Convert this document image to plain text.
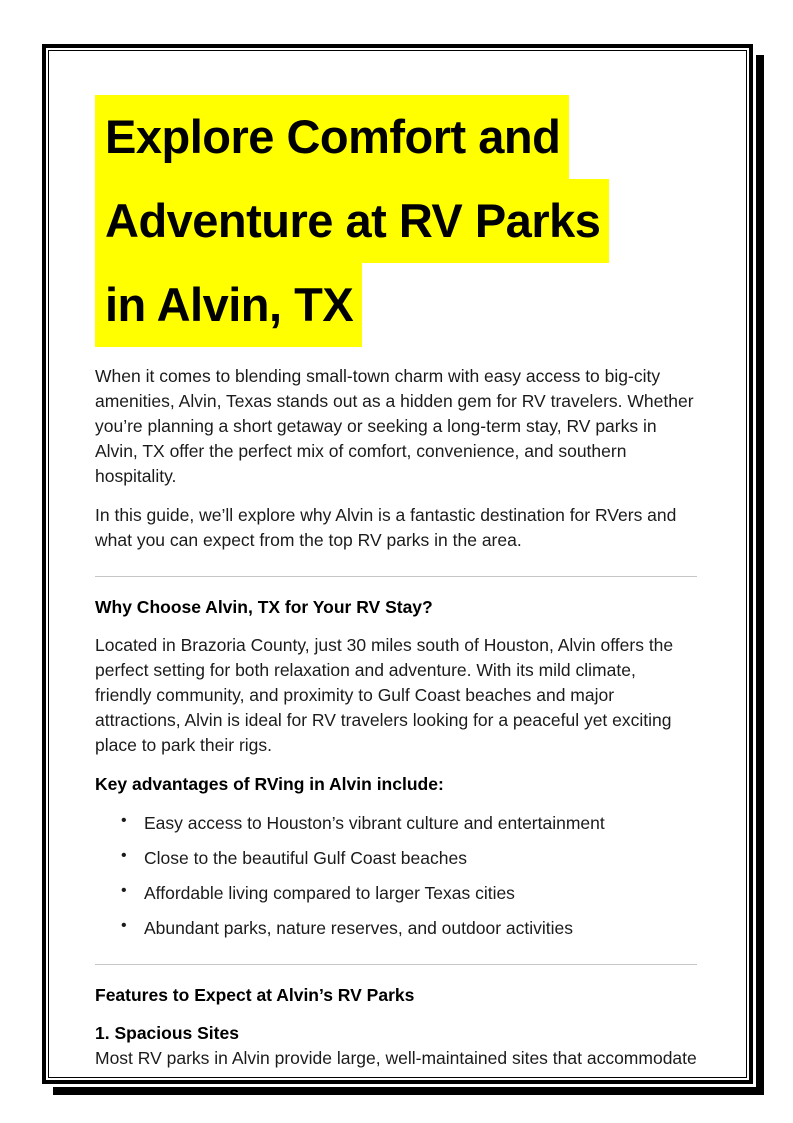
Explore Comfort and
Adventure at RV Parks
in Alvin, TX

When it comes to blending small-town charm with easy access to big-city amenities, Alvin, Texas stands out as a hidden gem for RV travelers. Whether you’re planning a short getaway or seeking a long-term stay, RV parks in Alvin, TX offer the perfect mix of comfort, convenience, and southern hospitality.

In this guide, we’ll explore why Alvin is a fantastic destination for RVers and what you can expect from the top RV parks in the area.

Why Choose Alvin, TX for Your RV Stay?

Located in Brazoria County, just 30 miles south of Houston, Alvin offers the perfect setting for both relaxation and adventure. With its mild climate, friendly community, and proximity to Gulf Coast beaches and major attractions, Alvin is ideal for RV travelers looking for a peaceful yet exciting place to park their rigs.

Key advantages of RVing in Alvin include:
• Easy access to Houston’s vibrant culture and entertainment
• Close to the beautiful Gulf Coast beaches
• Affordable living compared to larger Texas cities
• Abundant parks, nature reserves, and outdoor activities
Features to Expect at Alvin’s RV Parks

1. Spacious Sites
Most RV parks in Alvin provide large, well-maintained sites that accommodate
